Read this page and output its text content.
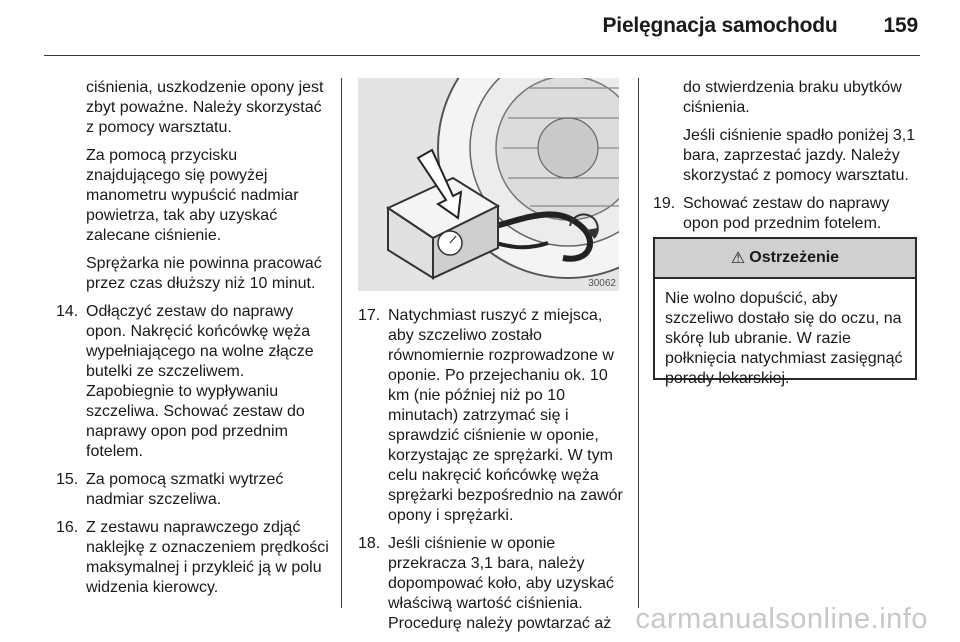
Pielęgnacja samochodu 159

ciśnienia, uszkodzenie opony jest zbyt poważne. Należy skorzystać z pomocy warsztatu.

Za pomocą przycisku znajdującego się powyżej manometru wypuścić nadmiar powietrza, tak aby uzyskać zalecane ciśnienie.

Sprężarka nie powinna pracować przez czas dłuższy niż 10 minut.

14. Odłączyć zestaw do naprawy opon. Nakręcić końcówkę węża wypełniającego na wolne złącze butelki ze szczeliwem. Zapobiegnie to wypływaniu szczeliwa. Schować zestaw do naprawy opon pod przednim fotelem.
15. Za pomocą szmatki wytrzeć nadmiar szczeliwa.
16. Z zestawu naprawczego zdjąć naklejkę z oznaczeniem prędkości maksymalnej i przykleić ją w polu widzenia kierowcy.
30062
17. Natychmiast ruszyć z miejsca, aby szczeliwo zostało równomiernie rozprowadzone w oponie. Po przejechaniu ok. 10 km (nie później niż po 10 minutach) zatrzymać się i sprawdzić ciśnienie w oponie, korzystając ze sprężarki. W tym celu nakręcić końcówkę węża sprężarki bezpośrednio na zawór opony i sprężarki.
18. Jeśli ciśnienie w oponie przekracza 3,1 bara, należy dopompować koło, aby uzyskać właściwą wartość ciśnienia. Procedurę należy powtarzać aż

do stwierdzenia braku ubytków ciśnienia.

Jeśli ciśnienie spadło poniżej 3,1 bara, zaprzestać jazdy. Należy skorzystać z pomocy warsztatu.

19. Schować zestaw do naprawy opon pod przednim fotelem.
⚠ Ostrzeżenie
Nie wolno dopuścić, aby szczeliwo dostało się do oczu, na skórę lub ubranie. W razie połknięcia natychmiast zasięgnąć porady lekarskiej.
carmanualsonline.info
